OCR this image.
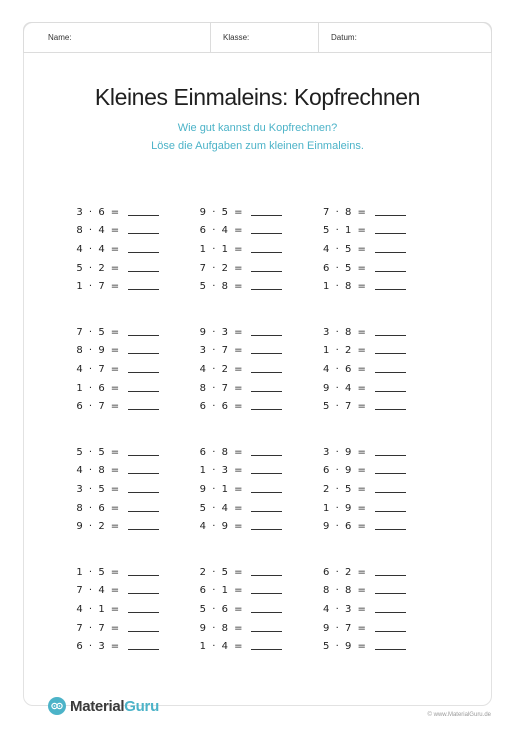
Name:	Klasse:	Datum:
Kleines Einmaleins: Kopfrechnen
Wie gut kannst du Kopfrechnen?
Löse die Aufgaben zum kleinen Einmaleins.
3 · 6 =
8 · 4 =
4 · 4 =
5 · 2 =
1 · 7 =
9 · 5 =
6 · 4 =
1 · 1 =
7 · 2 =
5 · 8 =
7 · 8 =
5 · 1 =
4 · 5 =
6 · 5 =
1 · 8 =
7 · 5 =
8 · 9 =
4 · 7 =
1 · 6 =
6 · 7 =
9 · 3 =
3 · 7 =
4 · 2 =
8 · 7 =
6 · 6 =
3 · 8 =
1 · 2 =
4 · 6 =
9 · 4 =
5 · 7 =
5 · 5 =
4 · 8 =
3 · 5 =
8 · 6 =
9 · 2 =
6 · 8 =
1 · 3 =
9 · 1 =
5 · 4 =
4 · 9 =
3 · 9 =
6 · 9 =
2 · 5 =
1 · 9 =
9 · 6 =
1 · 5 =
7 · 4 =
4 · 1 =
7 · 7 =
6 · 3 =
2 · 5 =
6 · 1 =
5 · 6 =
9 · 8 =
1 · 4 =
6 · 2 =
8 · 8 =
4 · 3 =
9 · 7 =
5 · 9 =
MaterialGuru
© www.MaterialGuru.de
